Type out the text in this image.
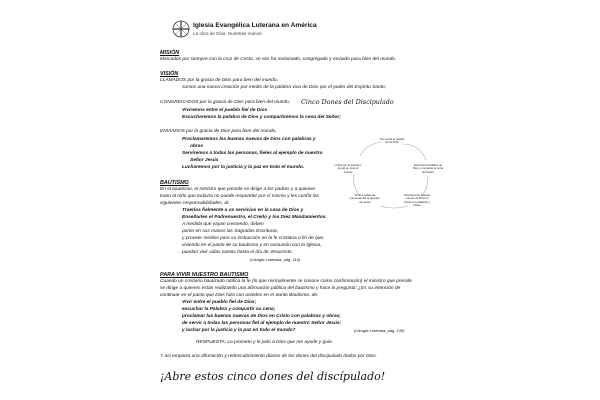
Iglesia Evangélica Luterana en América
La obra de Dios. Nuestras manos.
MISIÓN
Marcados por siempre con la cruz de Cristo, se nos ha reclamado, congregado y enviado para bien del mundo.
VISIÓN
LLAMADOS por la gracia de Dios para bien del mundo,
somos una nueva creación por medio de la palabra viva de Dios por el poder del Espíritu Santo;
CONGREGADOS por la gracia de Dios para bien del mundo, Cinco Dones del Discipulado
Viviremos entre el pueblo fiel de Dios
Escucharemos la palabra de Dios y compartiremos la cena del Señor;
ENVIADOS por la gracia de Dios para bien del mundo,
Proclamaremos las buenas nuevas de Dios con palabras y
obras
Serviremos a todas las personas, fieles al ejemplo de nuestro
Señor Jesús
Lucharemos por la justicia y la paz en todo el mundo.
Vivo entre el pueblo fiel de Dios
Escucha la Palabra de Dios y comparte la cena del Señor
Proclama las buenas nuevas de Dios en Cristo con palabras y obras
Sirve a todas las personas fiel al ejemplo de Jesús
Lucha por la justicia y la paz en todo el mundo
BAUTISMO
En el bautismo, el ministro que preside se dirige a los padres y a quienes
traen al niño que todavía no puede responder por sí mismo y les confía las
siguientes responsabilidades, al:
Traerlos fielmente a os servicios en la casa de Dios y
Enseñarles el Padrenuestro, el Credo y los Diez Mandamientos.
A medida que vayan creciendo, deben
poner en sus manos las Sagradas Escrituras,
y proveer medios para su instrucción en la fe cristiana a fin de que,
viviendo en el pacto de su bautismo y en comunión con la Iglesia,
puedan vivir vidas santas hasta el día de Jesucristo.
(Liturgia Luterana, pág. 116)
PARA VIVIR NUESTRO BAUTISMO
Cuando un cristiano bautizado ratifica la fe (lo que normalmente se conoce como confirmación) el ministro que preside
se dirige a quienes están realizando una afirmación pública del bautismo y hace la pregunta: ¿Es su intención de
continuar en el pacto que Dios hizo con ustedes en el Santo Bautismo, de:
Vivir entre el pueblo fiel de Dios;
escuchar la Palabra y compartir su cena;
proclamar las buenas nuevas de Dios en Cristo con palabras y obras;
de servir a todas las personas fiel al ejemplo de nuestro Señor Jesús;
y luchar por la justicia y la paz en todo el mundo?	(Liturgia Luterana, pág. 130)
RESPUESTA: Lo prometo y le pido a Dios que me ayude y guíe.
Y así empieza una afirmación y redescubrimiento diarios de los dones del discipulado dados por Dios.
¡Abre estos cinco dones del discípulado!
